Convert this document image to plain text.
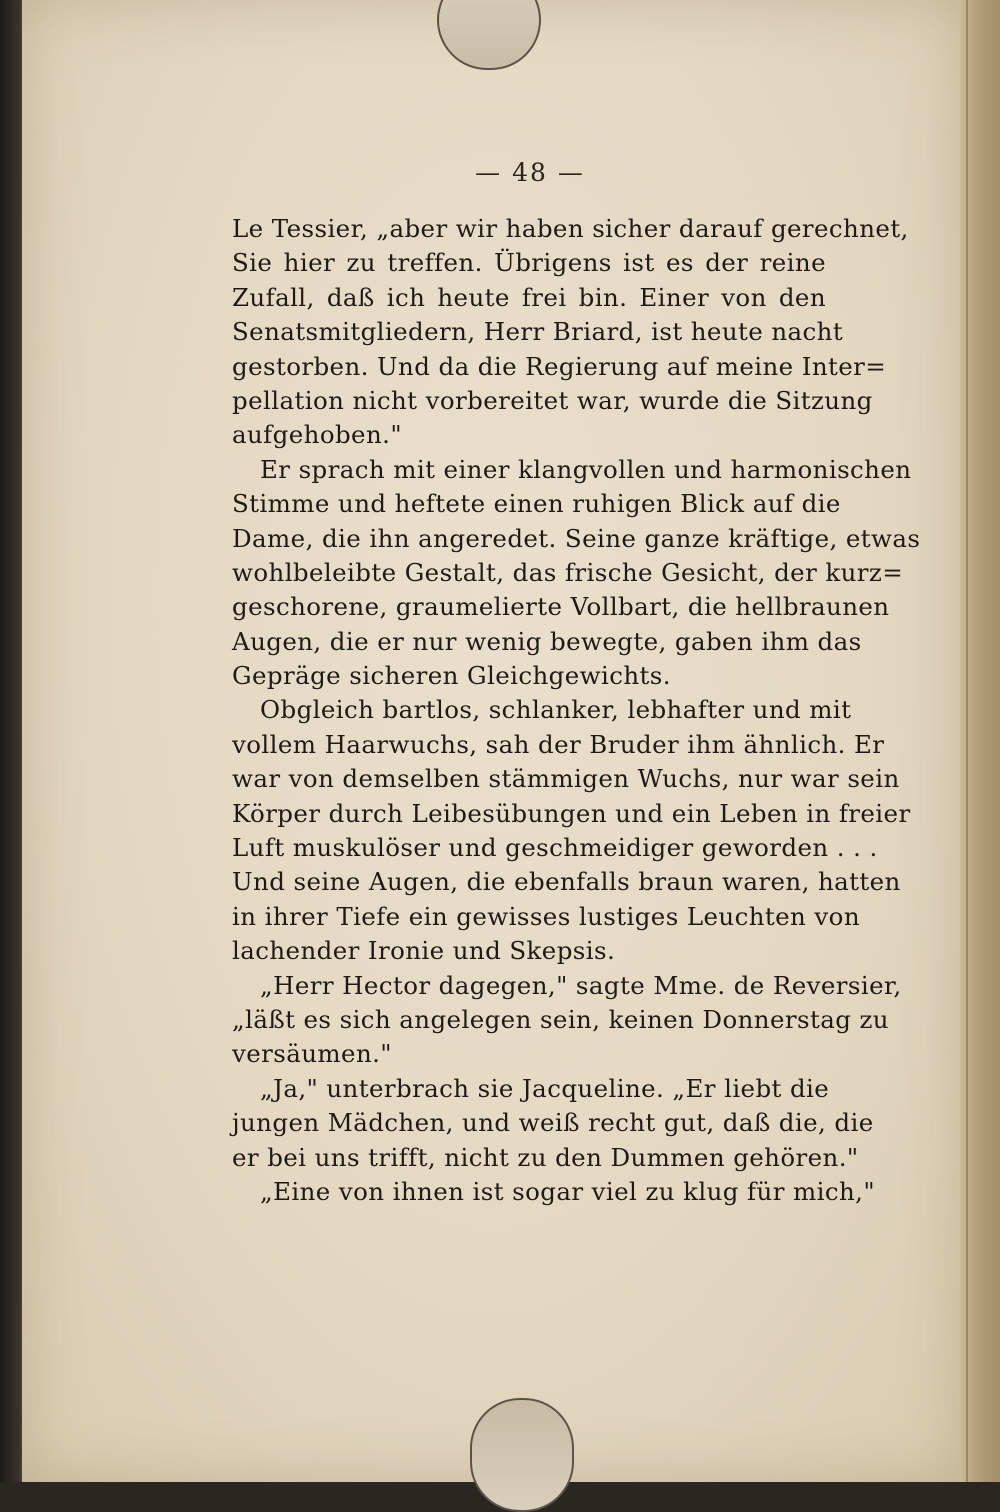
— 48 —
Le Tessier, „aber wir haben sicher darauf gerechnet,
Sie hier zu treffen. Übrigens ist es der reine
Zufall, daß ich heute frei bin. Einer von den
Senatsmitgliedern, Herr Briard, ist heute nacht
gestorben. Und da die Regierung auf meine Inter=
pellation nicht vorbereitet war, wurde die Sitzung
aufgehoben."
Er sprach mit einer klangvollen und harmonischen
Stimme und heftete einen ruhigen Blick auf die
Dame, die ihn angeredet. Seine ganze kräftige, etwas
wohlbeleibte Gestalt, das frische Gesicht, der kurz=
geschorene, graumelierte Vollbart, die hellbraunen
Augen, die er nur wenig bewegte, gaben ihm das
Gepräge sicheren Gleichgewichts.
Obgleich bartlos, schlanker, lebhafter und mit
vollem Haarwuchs, sah der Bruder ihm ähnlich. Er
war von demselben stämmigen Wuchs, nur war sein
Körper durch Leibesübungen und ein Leben in freier
Luft muskulöser und geschmeidiger geworden . . .
Und seine Augen, die ebenfalls braun waren, hatten
in ihrer Tiefe ein gewisses lustiges Leuchten von
lachender Ironie und Skepsis.
„Herr Hector dagegen," sagte Mme. de Reversier,
„läßt es sich angelegen sein, keinen Donnerstag zu
versäumen."
„Ja," unterbrach sie Jacqueline. „Er liebt die
jungen Mädchen, und weiß recht gut, daß die, die
er bei uns trifft, nicht zu den Dummen gehören."
„Eine von ihnen ist sogar viel zu klug für mich,"
